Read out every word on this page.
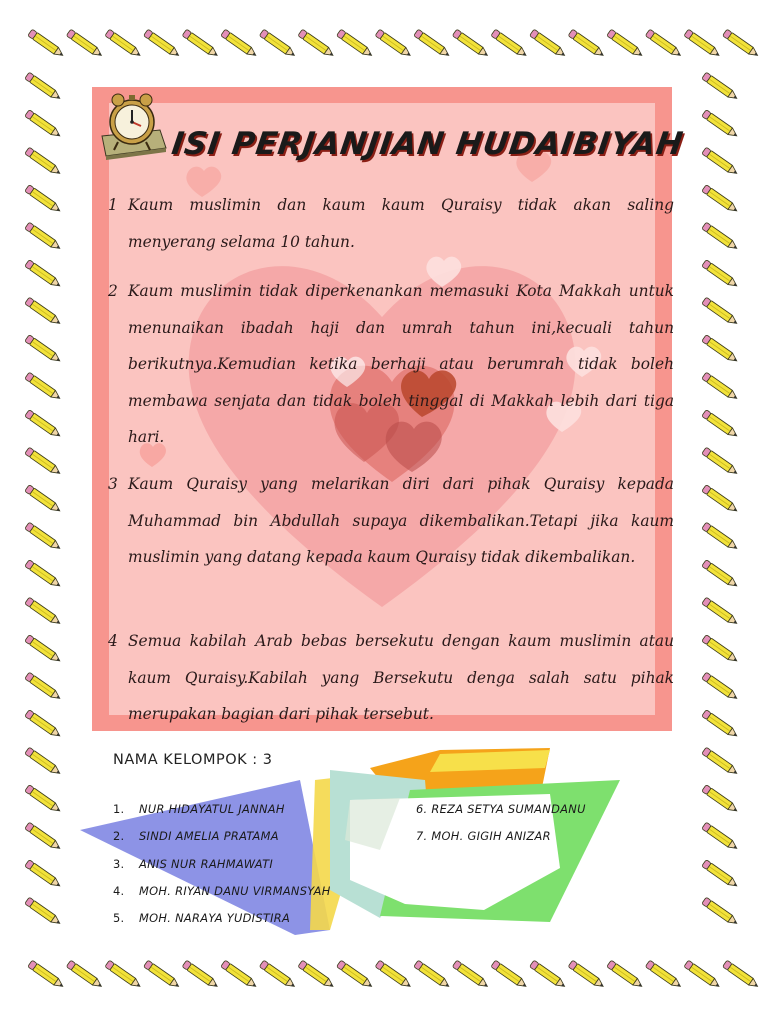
ISI PERJANJIAN HUDAIBIYAH
1 Kaum muslimin dan kaum kaum Quraisy tidak akan saling menyerang selama 10 tahun.
2 Kaum muslimin tidak diperkenankan memasuki Kota Makkah untuk menunaikan ibadah haji dan umrah tahun ini,kecuali tahun berikutnya.Kemudian ketika berhaji atau berumrah tidak boleh membawa senjata dan tidak boleh tinggal di Makkah lebih dari tiga hari.
3 Kaum Quraisy yang melarikan diri dari pihak Quraisy kepada Muhammad bin Abdullah supaya dikembalikan.Tetapi jika kaum muslimin yang datang kepada kaum Quraisy tidak dikembalikan.
4 Semua kabilah Arab bebas bersekutu dengan kaum muslimin atau kaum Quraisy.Kabilah yang Bersekutu denga salah satu pihak merupakan bagian dari pihak tersebut.
NAMA KELOMPOK : 3
1. NUR HIDAYATUL JANNAH
2. SINDI AMELIA PRATAMA
3. ANIS NUR RAHMAWATI
4. MOH. RIYAN DANU VIRMANSYAH
5. MOH. NARAYA YUDISTIRA
6. REZA SETYA SUMANDANU
7. MOH. GIGIH ANIZAR
